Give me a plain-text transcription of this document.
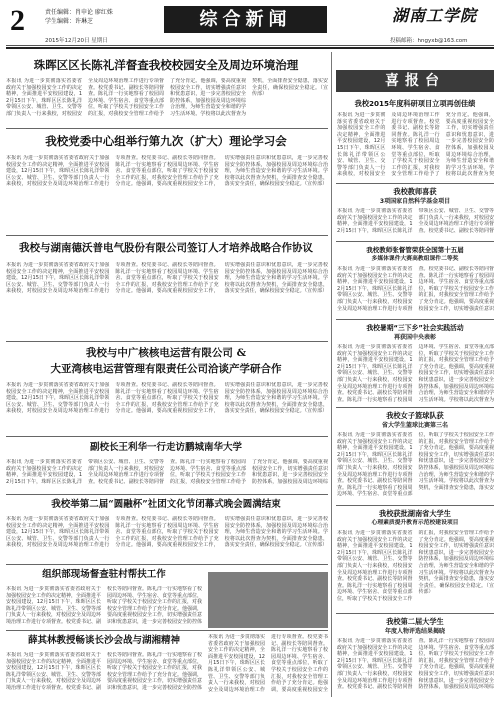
2	责任编辑：肖申论 廖红姝
学生编辑：许琳芝	综合新闻	湖南工学院
2015年12月20日 星期日	投稿邮箱：hngyxb@163.com
珠晖区区长陈礼洋督查我校校园安全及周边环境治理
本报讯 为进一步贯彻落实省委省政府关于加强校园安全工作的决定精神，全面推进平安校园建设，12月15日下午，珠晖区区长陈礼洋带领区公安、城管、卫生、交警等部门负责人一行来我校，对校园安全及周边环境治理工作进行专项督查。校党委书记、副校长等陪同督查。陈礼洋一行实地察看了校园周边环境、学生宿舍、食堂等重点部位，听取了学校关于校园安全工作的汇报，对我校安全管理工作给予了充分肯定。他强调，要高度重视校园安全工作，切实增强责任意识和忧患意识，进一步完善校园安全防控体系，加强校园及周边环境综合治理，为师生营造安全和谐的学习生活环境。学校将以此次督查为契机，全面排查安全隐患，落实安全责任，确保校园安全稳定。（宣传部）
我校党委中心组举行第九次（扩大）理论学习会
本报讯 为进一步贯彻落实省委省政府关于加强校园安全工作的决定精神，全面推进平安校园建设，12月15日下午，珠晖区区长陈礼洋带领区公安、城管、卫生、交警等部门负责人一行来我校，对校园安全及周边环境治理工作进行专项督查。校党委书记、副校长等陪同督查。陈礼洋一行实地察看了校园周边环境、学生宿舍、食堂等重点部位，听取了学校关于校园安全工作的汇报，对我校安全管理工作给予了充分肯定。他强调，要高度重视校园安全工作，切实增强责任意识和忧患意识，进一步完善校园安全防控体系，加强校园及周边环境综合治理，为师生营造安全和谐的学习生活环境。学校将以此次督查为契机，全面排查安全隐患，落实安全责任，确保校园安全稳定。（宣传部）
我校与湖南德沃普电气股份有限公司签订人才培养战略合作协议
本报讯 为进一步贯彻落实省委省政府关于加强校园安全工作的决定精神，全面推进平安校园建设，12月15日下午，珠晖区区长陈礼洋带领区公安、城管、卫生、交警等部门负责人一行来我校，对校园安全及周边环境治理工作进行专项督查。校党委书记、副校长等陪同督查。陈礼洋一行实地察看了校园周边环境、学生宿舍、食堂等重点部位，听取了学校关于校园安全工作的汇报，对我校安全管理工作给予了充分肯定。他强调，要高度重视校园安全工作，切实增强责任意识和忧患意识，进一步完善校园安全防控体系，加强校园及周边环境综合治理，为师生营造安全和谐的学习生活环境。学校将以此次督查为契机，全面排查安全隐患，落实安全责任，确保校园安全稳定。（宣传部）
我校与中广核核电运营有限公司 &
大亚湾核电运营管理有限责任公司洽谈产学研合作
本报讯 为进一步贯彻落实省委省政府关于加强校园安全工作的决定精神，全面推进平安校园建设，12月15日下午，珠晖区区长陈礼洋带领区公安、城管、卫生、交警等部门负责人一行来我校，对校园安全及周边环境治理工作进行专项督查。校党委书记、副校长等陪同督查。陈礼洋一行实地察看了校园周边环境、学生宿舍、食堂等重点部位，听取了学校关于校园安全工作的汇报，对我校安全管理工作给予了充分肯定。他强调，要高度重视校园安全工作，切实增强责任意识和忧患意识，进一步完善校园安全防控体系，加强校园及周边环境综合治理，为师生营造安全和谐的学习生活环境。学校将以此次督查为契机，全面排查安全隐患，落实安全责任，确保校园安全稳定。（宣传部）
副校长王利华一行走访鹏城南华大学
本报讯 为进一步贯彻落实省委省政府关于加强校园安全工作的决定精神，全面推进平安校园建设，12月15日下午，珠晖区区长陈礼洋带领区公安、城管、卫生、交警等部门负责人一行来我校，对校园安全及周边环境治理工作进行专项督查。校党委书记、副校长等陪同督查。陈礼洋一行实地察看了校园周边环境、学生宿舍、食堂等重点部位，听取了学校关于校园安全工作的汇报，对我校安全管理工作给予了充分肯定。他强调，要高度重视校园安全工作，切实增强责任意识和忧患意识，进一步完善校园安全防控体系，加强校园及周边环境综
我校举第二届“圆融杯”社团文化节闭幕式晚会圆满结束
本报讯 为进一步贯彻落实省委省政府关于加强校园安全工作的决定精神，全面推进平安校园建设，12月15日下午，珠晖区区长陈礼洋带领区公安、城管、卫生、交警等部门负责人一行来我校，对校园安全及周边环境治理工作进行专项督查。校党委书记、副校长等陪同督查。陈礼洋一行实地察看了校园周边环境、学生宿舍、食堂等重点部位，听取了学校关于校园安全工作的汇报，对我校安全管理工作给予了充分肯定。他强调，要高度重视校园安全工作，切实增强责任意识和忧患意识，进一步完善校园安全防控体系，加强校园及周边环境综合治理，为师生营造安全和谐的学习生活环境。学校将以此次督查为契机，全面排查安全隐患，落实安全责任，确保校园安全稳定。（宣传部）
组织部现场督查驻村帮扶工作
本报讯 为进一步贯彻落实省委省政府关于加强校园安全工作的决定精神，全面推进平安校园建设，12月15日下午，珠晖区区长陈礼洋带领区公安、城管、卫生、交警等部门负责人一行来我校，对校园安全及周边环境治理工作进行专项督查。校党委书记、副校长等陪同督查。陈礼洋一行实地察看了校园周边环境、学生宿舍、食堂等重点部位，听取了学校关于校园安全工作的汇报，对我校安全管理工作给予了充分肯定。他强调，要高度重视校园安全工作，切实增强责任意识和忧患意识，进一步完善校园安全防控体
薛其林教授畅谈长沙会战与湖湘精神
本报讯 为进一步贯彻落实省委省政府关于加强校园安全工作的决定精神，全面推进平安校园建设，12月15日下午，珠晖区区长陈礼洋带领区公安、城管、卫生、交警等部门负责人一行来我校，对校园安全及周边环境治理工作进行专项督查。校党委书记、副校长等陪同督查。陈礼洋一行实地察看了校园周边环境、学生宿舍、食堂等重点部位，听取了学校关于校园安全工作的汇报，对我校安全管理工作给予了充分肯定。他强调，要高度重视校园安全工作，切实增强责任意识和忧患意识，进一步完善校园安全防控体
本报讯 为进一步贯彻落实省委省政府关于加强校园安全工作的决定精神，全面推进平安校园建设，12月15日下午，珠晖区区长陈礼洋带领区公安、城管、卫生、交警等部门负责人一行来我校，对校园安全及周边环境治理工作进行专项督查。校党委书记、副校长等陪同督查。陈礼洋一行实地察看了校园周边环境、学生宿舍、食堂等重点部位，听取了学校关于校园安全工作的汇报，对我校安全管理工作给予了充分肯定。他强调，要高度重视校园安全
喜报台
我校2015年度科研项目立项再创佳绩
本报讯 为进一步贯彻落实省委省政府关于加强校园安全工作的决定精神，全面推进平安校园建设，12月15日下午，珠晖区区长陈礼洋带领区公安、城管、卫生、交警等部门负责人一行来我校，对校园安全及周边环境治理工作进行专项督查。校党委书记、副校长等陪同督查。陈礼洋一行实地察看了校园周边环境、学生宿舍、食堂等重点部位，听取了学校关于校园安全工作的汇报，对我校安全管理工作给予了充分肯定。他强调，要高度重视校园安全工作，切实增强责任意识和忧患意识，进一步完善校园安全防控体系，加强校园及周边环境综合治理，为师生营造安全和谐的学习生活环境。学校将以此次督查为契
我校教师喜获
3项国家自然科学基金项目
本报讯 为进一步贯彻落实省委省政府关于加强校园安全工作的决定精神，全面推进平安校园建设，12月15日下午，珠晖区区长陈礼洋带领区公安、城管、卫生、交警等部门负责人一行来我校，对校园安全及周边环境治理工作进行专项督查。校党委书记、副校长等陪同督
我校教师张督管荣获全国第十五届
多媒体课件大赛高教组课件二等奖
本报讯 为进一步贯彻落实省委省政府关于加强校园安全工作的决定精神，全面推进平安校园建设，12月15日下午，珠晖区区长陈礼洋带领区公安、城管、卫生、交警等部门负责人一行来我校，对校园安全及周边环境治理工作进行专项督查。校党委书记、副校长等陪同督查。陈礼洋一行实地察看了校园周边环境、学生宿舍、食堂等重点部位，听取了学校关于校园安全工作的汇报，对我校安全管理工作给予了充分肯定。他强调，要高度重视校园安全工作，切实增强责任意识
我校暑期“三下乡”社会实践活动
再获国中央表彰
本报讯 为进一步贯彻落实省委省政府关于加强校园安全工作的决定精神，全面推进平安校园建设，12月15日下午，珠晖区区长陈礼洋带领区公安、城管、卫生、交警等部门负责人一行来我校，对校园安全及周边环境治理工作进行专项督查。校党委书记、副校长等陪同督查。陈礼洋一行实地察看了校园周边环境、学生宿舍、食堂等重点部位，听取了学校关于校园安全工作的汇报，对我校安全管理工作给予了充分肯定。他强调，要高度重视校园安全工作，切实增强责任意识和忧患意识，进一步完善校园安全防控体系，加强校园及周边环境综合治理，为师生营造安全和谐的学习生活环境。学校将以此次督查为
我校女子篮球队获
省大学生篮球比赛第三名
本报讯 为进一步贯彻落实省委省政府关于加强校园安全工作的决定精神，全面推进平安校园建设，12月15日下午，珠晖区区长陈礼洋带领区公安、城管、卫生、交警等部门负责人一行来我校，对校园安全及周边环境治理工作进行专项督查。校党委书记、副校长等陪同督查。陈礼洋一行实地察看了校园周边环境、学生宿舍、食堂等重点部位，听取了学校关于校园安全工作的汇报，对我校安全管理工作给予了充分肯定。他强调，要高度重视校园安全工作，切实增强责任意识和忧患意识，进一步完善校园安全防控体系，加强校园及周边环境综合治理，为师生营造安全和谐的学习生活环境。学校将以此次督查为契机，全面排查安全隐患，落实安
我校获批湖南省大学生
心理素质提升教育示范校建设项目
本报讯 为进一步贯彻落实省委省政府关于加强校园安全工作的决定精神，全面推进平安校园建设，12月15日下午，珠晖区区长陈礼洋带领区公安、城管、卫生、交警等部门负责人一行来我校，对校园安全及周边环境治理工作进行专项督查。校党委书记、副校长等陪同督查。陈礼洋一行实地察看了校园周边环境、学生宿舍、食堂等重点部位，听取了学校关于校园安全工作的汇报，对我校安全管理工作给予了充分肯定。他强调，要高度重视校园安全工作，切实增强责任意识和忧患意识，进一步完善校园安全防控体系，加强校园及周边环境综合治理，为师生营造安全和谐的学习生活环境。学校将以此次督查为契机，全面排查安全隐患，落实安全责任，确保校园安全稳定。（宣传部）
我校第二届大学生
年度人物评选结果揭晓
本报讯 为进一步贯彻落实省委省政府关于加强校园安全工作的决定精神，全面推进平安校园建设，12月15日下午，珠晖区区长陈礼洋带领区公安、城管、卫生、交警等部门负责人一行来我校，对校园安全及周边环境治理工作进行专项督查。校党委书记、副校长等陪同督查。陈礼洋一行实地察看了校园周边环境、学生宿舍、食堂等重点部位，听取了学校关于校园安全工作的汇报，对我校安全管理工作给予了充分肯定。他强调，要高度重视校园安全工作，切实增强责任意识和忧患意识，进一步完善校园安全防控体系，加强校园及周边环境综
